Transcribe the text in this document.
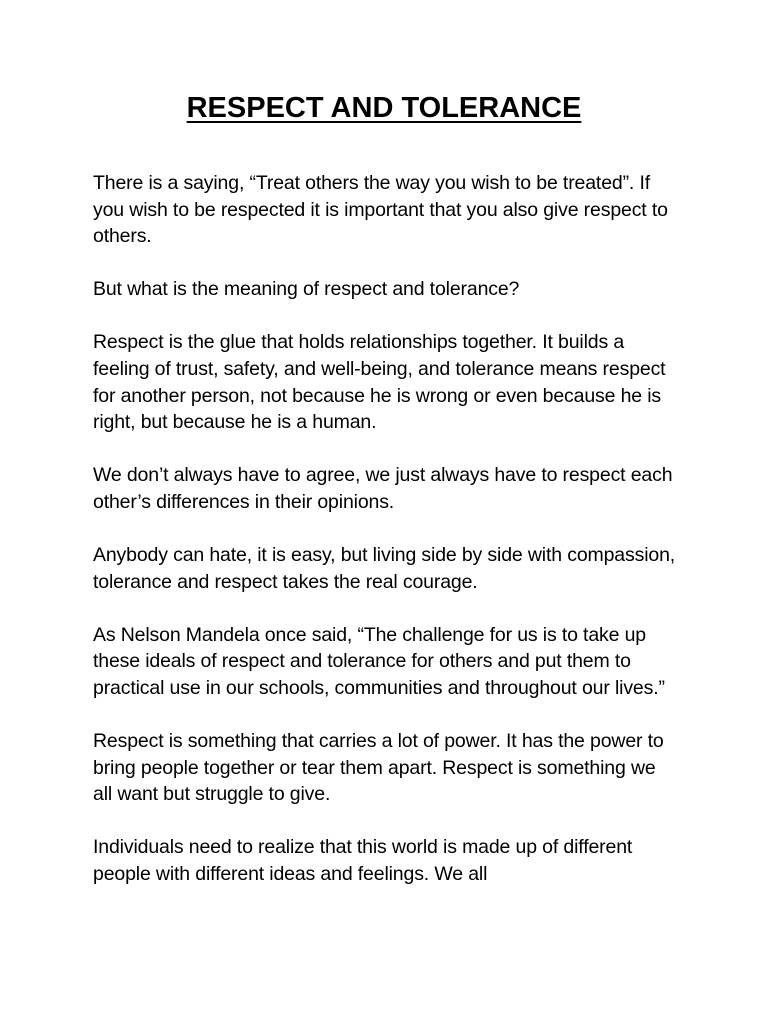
RESPECT AND TOLERANCE

There is a saying, “Treat others the way you wish to be treated”. If you wish to be respected it is important that you also give respect to others.

But what is the meaning of respect and tolerance?

Respect is the glue that holds relationships together. It builds a feeling of trust, safety, and well-being, and tolerance means respect for another person, not because he is wrong or even because he is right, but because he is a human.

We don’t always have to agree, we just always have to respect each other’s differences in their opinions.

Anybody can hate, it is easy, but living side by side with compassion, tolerance and respect takes the real courage.

As Nelson Mandela once said, “The challenge for us is to take up these ideals of respect and tolerance for others and put them to practical use in our schools, communities and throughout our lives.”

Respect is something that carries a lot of power. It has the power to bring people together or tear them apart. Respect is something we all want but struggle to give.

Individuals need to realize that this world is made up of different people with different ideas and feelings. We all
